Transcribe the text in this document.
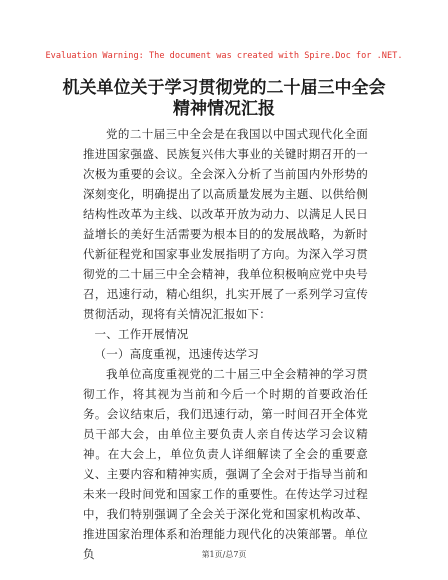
Evaluation Warning: The document was created with Spire.Doc for .NET.
机关单位关于学习贯彻党的二十届三中全会精神情况汇报

党的二十届三中全会是在我国以中国式现代化全面推进国家强盛、民族复兴伟大事业的关键时期召开的一次极为重要的会议。全会深入分析了当前国内外形势的深刻变化，明确提出了以高质量发展为主题、以供给侧结构性改革为主线、以改革开放为动力、以满足人民日益增长的美好生活需要为根本目的的发展战略，为新时代新征程党和国家事业发展指明了方向。为深入学习贯彻党的二十届三中全会精神，我单位积极响应党中央号召，迅速行动，精心组织，扎实开展了一系列学习宣传贯彻活动，现将有关情况汇报如下：

一、工作开展情况

（一）高度重视，迅速传达学习

我单位高度重视党的二十届三中全会精神的学习贯彻工作，将其视为当前和今后一个时期的首要政治任务。会议结束后，我们迅速行动，第一时间召开全体党员干部大会，由单位主要负责人亲自传达学习会议精神。在大会上，单位负责人详细解读了全会的重要意义、主要内容和精神实质，强调了全会对于指导当前和未来一段时间党和国家工作的重要性。在传达学习过程中，我们特别强调了全会关于深化党和国家机构改革、推进国家治理体系和治理能力现代化的决策部署。单位负	第1页/总7页
